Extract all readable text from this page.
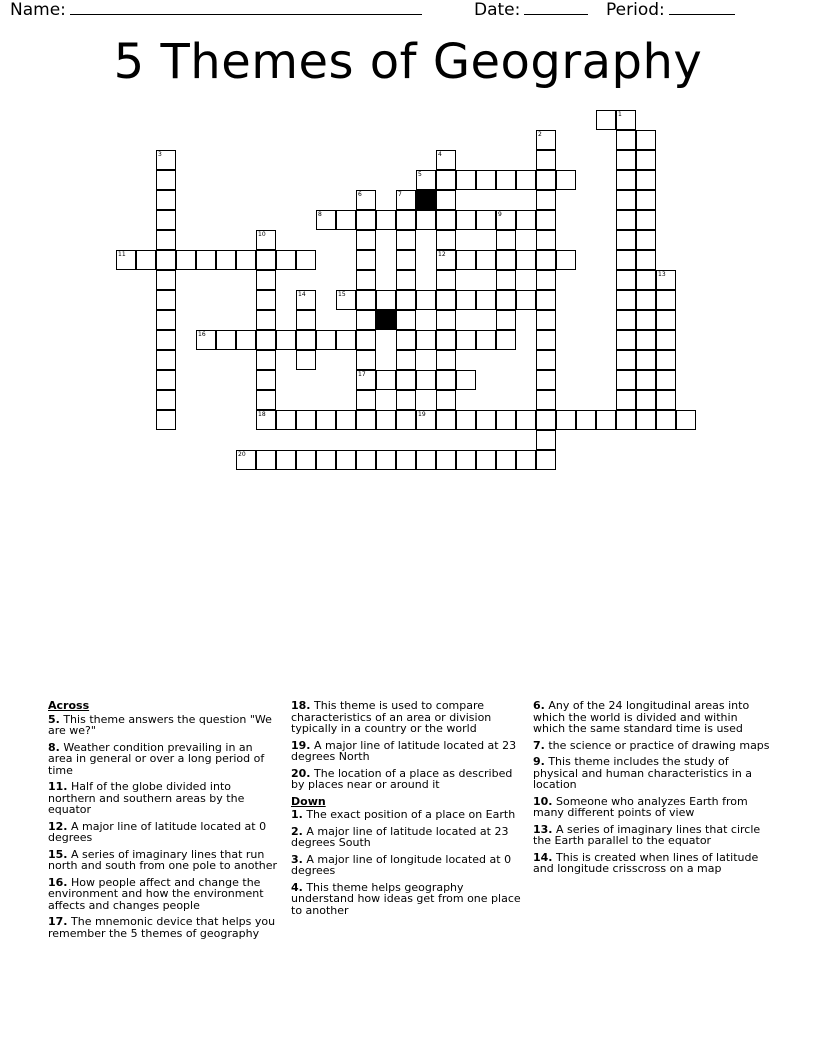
Name:	Date:	Period:
5 Themes of Geography
1
13
2
3	4
12
5
6
17
7
8	9
10
18
11
14	15
16
19
20
Across
5. This theme answers the question "We are we?"
8. Weather condition prevailing in an area in general or over a long period of time
11. Half of the globe divided into northern and southern areas by the equator
12. A major line of latitude located at 0 degrees
15. A series of imaginary lines that run north and south from one pole to another
16. How people affect and change the environment and how the environment affects and changes people
17. The mnemonic device that helps you remember the 5 themes of geography
18. This theme is used to compare characteristics of an area or division typically in a country or the world
19. A major line of latitude located at 23 degrees North
20. The location of a place as described by places near or around it
Down
1. The exact position of a place on Earth
2. A major line of latitude located at 23 degrees South
3. A major line of longitude located at 0 degrees
4. This theme helps geography understand how ideas get from one place to another
6. Any of the 24 longitudinal areas into which the world is divided and within which the same standard time is used
7. the science or practice of drawing maps
9. This theme includes the study of physical and human characteristics in a location
10. Someone who analyzes Earth from many different points of view
13. A series of imaginary lines that circle the Earth parallel to the equator
14. This is created when lines of latitude and longitude crisscross on a map
